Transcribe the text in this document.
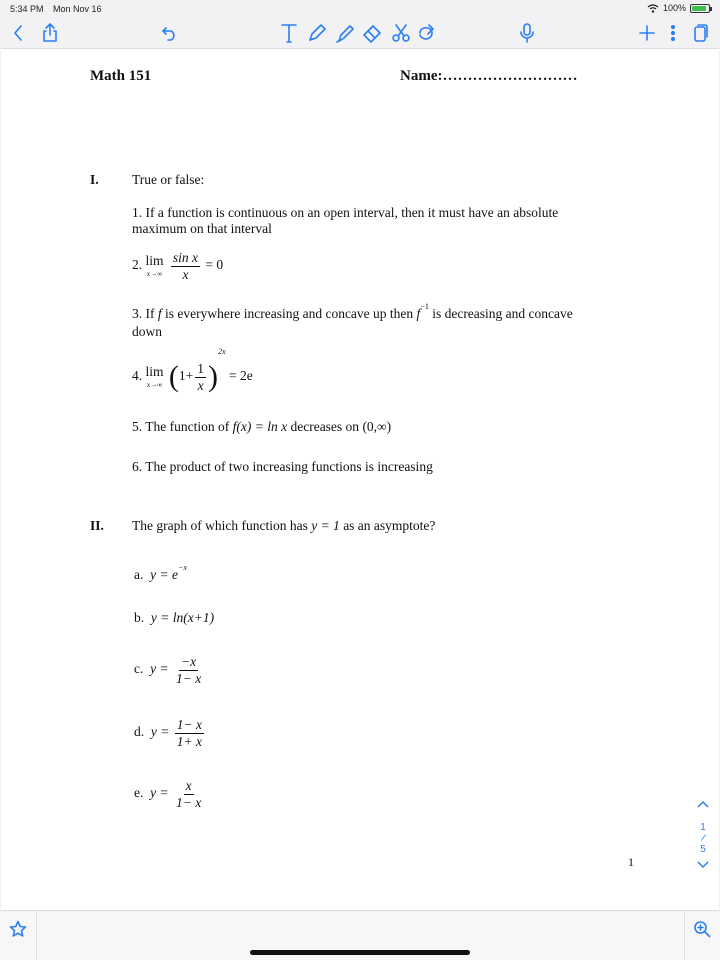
5:34 PM Mon Nov 16	100%
Math 151	Name:………………………
I. True or false:
1. If a function is continuous on an open interval, then it must have an absolute
maximum on that interval
2. lim
x→∞
$\frac{\text{sin x}}{x} = 0$
3. If f is everywhere increasing and concave up then $f^{-1}$ is decreasing and concave
down
4. lim
x→∞ $(1+ \frac{1}{x} )^{2x} = 2e$
5. The function of f(x) = ln x decreases on (0,∞)
6. The product of two increasing functions is increasing
II. The graph of which function has y = 1 as an asymptote?
a. $y = e^{-x}$
b. y = ln(x+1)
c. $y = \frac{-x}{1- x}$
d. $y = \frac{1- x}{1+ x}$
e. $y = \frac{x}{1- x}$
1
1
/
5
